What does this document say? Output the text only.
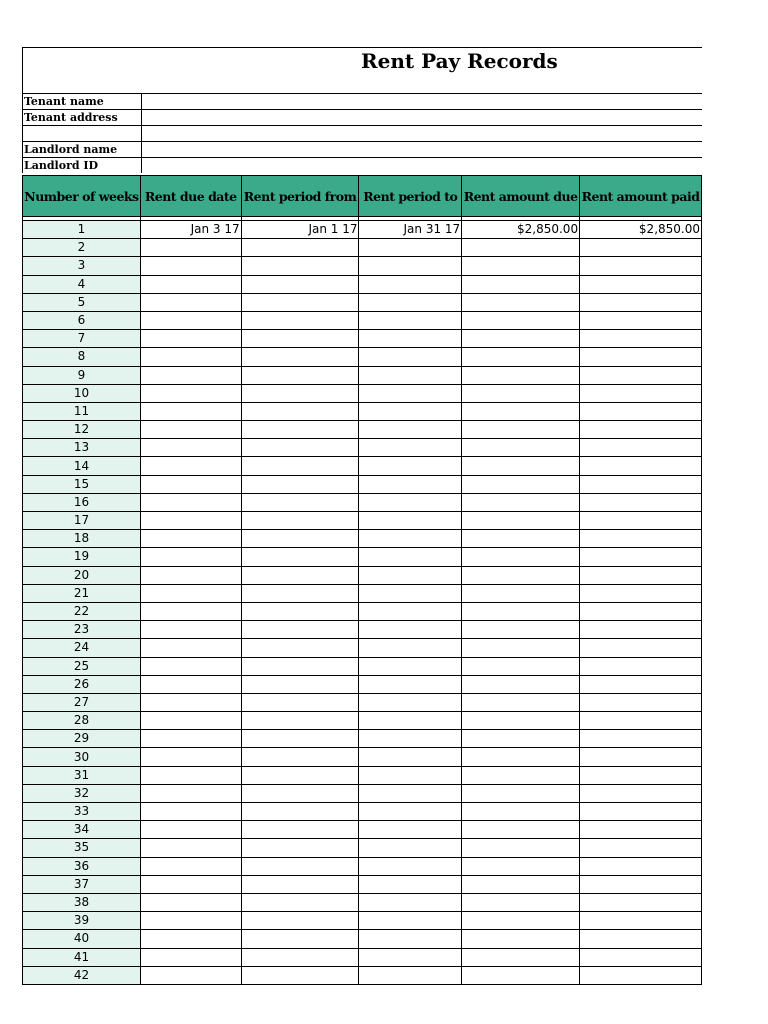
Rent Pay Records
Tenant name
Tenant address
Landlord name
Landlord ID
Number of weeks	Rent due date	Rent period from	Rent period to	Rent amount due	Rent amount paid

1	Jan 3 17	Jan 1 17	Jan 31 17	$2,850.00	$2,850.00
2					
3					
4					
5					
6					
7					
8					
9					
10					
11					
12					
13					
14					
15					
16					
17					
18					
19					
20					
21					
22					
23					
24					
25					
26					
27					
28					
29					
30					
31					
32					
33					
34					
35					
36					
37					
38					
39					
40					
41					
42					
